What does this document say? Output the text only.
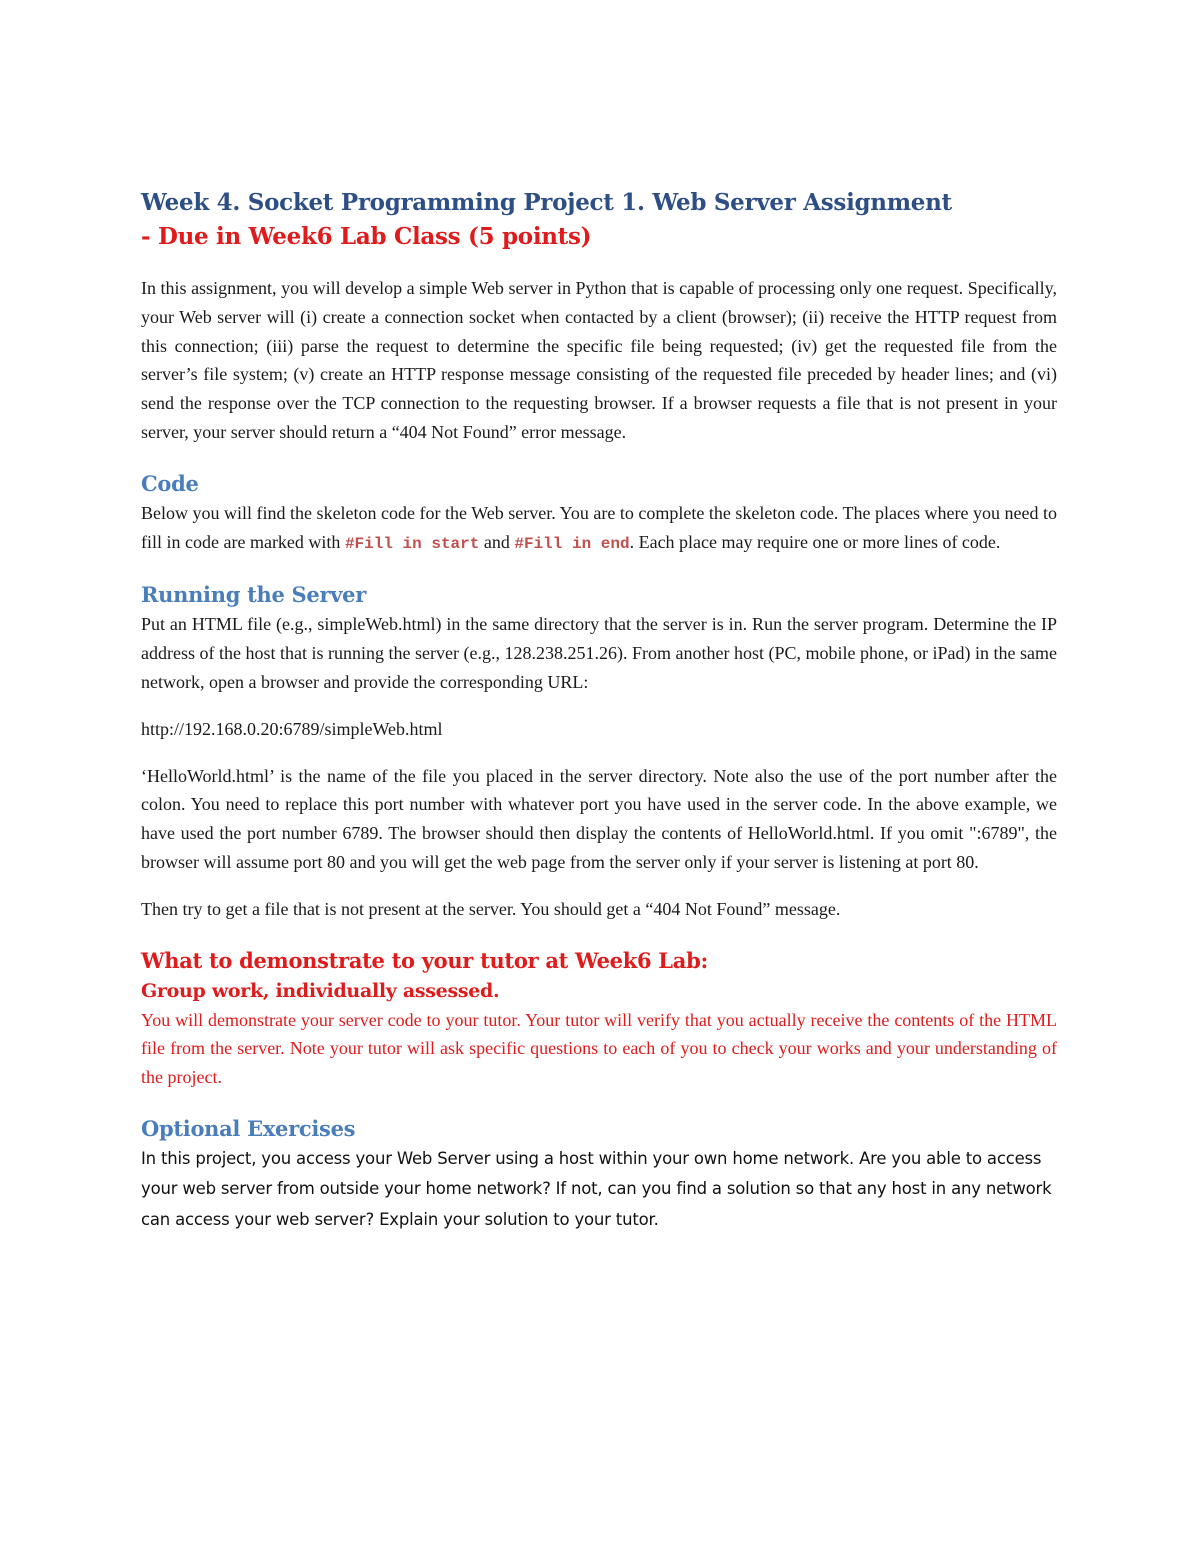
Week 4. Socket Programming Project 1. Web Server Assignment
- Due in Week6 Lab Class (5 points)

In this assignment, you will develop a simple Web server in Python that is capable of processing only one request. Specifically, your Web server will (i) create a connection socket when contacted by a client (browser); (ii) receive the HTTP request from this connection; (iii) parse the request to determine the specific file being requested; (iv) get the requested file from the server’s file system; (v) create an HTTP response message consisting of the requested file preceded by header lines; and (vi) send the response over the TCP connection to the requesting browser. If a browser requests a file that is not present in your server, your server should return a “404 Not Found” error message.

Code

Below you will find the skeleton code for the Web server. You are to complete the skeleton code. The places where you need to fill in code are marked with #Fill in start and #Fill in end. Each place may require one or more lines of code.

Running the Server

Put an HTML file (e.g., simpleWeb.html) in the same directory that the server is in. Run the server program. Determine the IP address of the host that is running the server (e.g., 128.238.251.26). From another host (PC, mobile phone, or iPad) in the same network, open a browser and provide the corresponding URL:

http://192.168.0.20:6789/simpleWeb.html

‘HelloWorld.html’ is the name of the file you placed in the server directory. Note also the use of the port number after the colon. You need to replace this port number with whatever port you have used in the server code. In the above example, we have used the port number 6789. The browser should then display the contents of HelloWorld.html. If you omit ":6789", the browser will assume port 80 and you will get the web page from the server only if your server is listening at port 80.

Then try to get a file that is not present at the server. You should get a “404 Not Found” message.

What to demonstrate to your tutor at Week6 Lab:
Group work, individually assessed.

You will demonstrate your server code to your tutor. Your tutor will verify that you actually receive the contents of the HTML file from the server. Note your tutor will ask specific questions to each of you to check your works and your understanding of the project.

Optional Exercises

In this project, you access your Web Server using a host within your own home network. Are you able to access your web server from outside your home network? If not, can you find a solution so that any host in any network can access your web server? Explain your solution to your tutor.
